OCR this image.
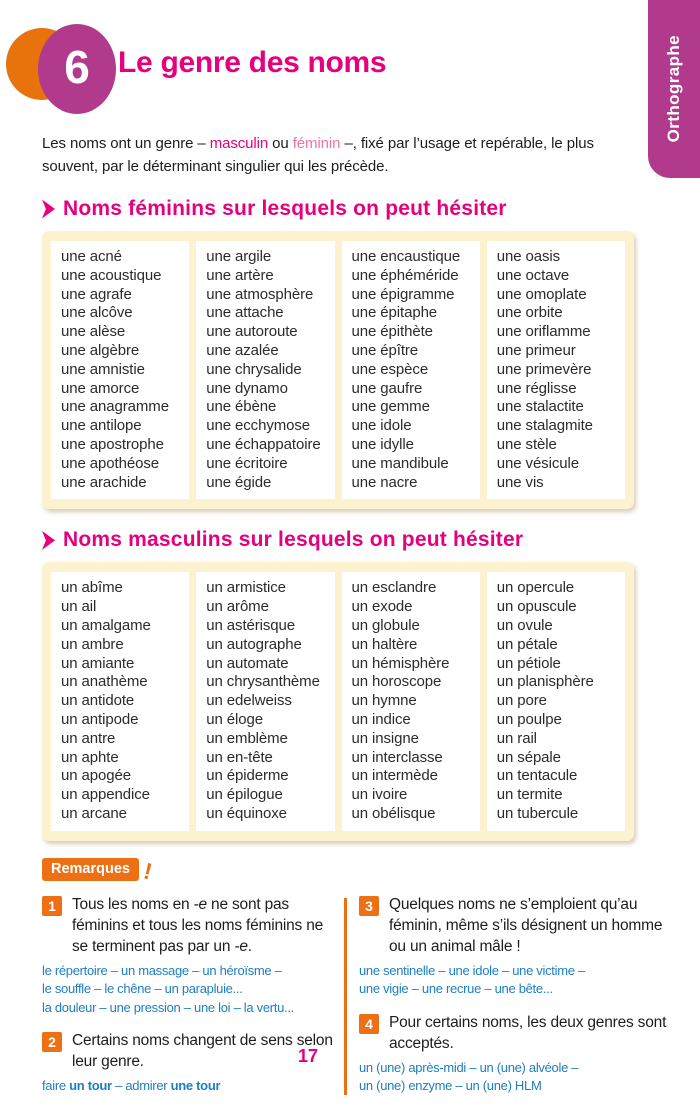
Orthographe
6 Le genre des noms

Les noms ont un genre – masculin ou féminin –, fixé par l’usage et repérable, le plus
souvent, par le déterminant singulier qui les précède.

Noms féminins sur lesquels on peut hésiter
une acné
une acoustique
une agrafe
une alcôve
une alèse
une algèbre
une amnistie
une amorce
une anagramme
une antilope
une apostrophe
une apothéose
une arachide
une argile
une artère
une atmosphère
une attache
une autoroute
une azalée
une chrysalide
une dynamo
une ébène
une ecchymose
une échappatoire
une écritoire
une égide
une encaustique
une éphéméride
une épigramme
une épitaphe
une épithète
une épître
une espèce
une gaufre
une gemme
une idole
une idylle
une mandibule
une nacre
une oasis
une octave
une omoplate
une orbite
une oriflamme
une primeur
une primevère
une réglisse
une stalactite
une stalagmite
une stèle
une vésicule
une vis
Noms masculins sur lesquels on peut hésiter
un abîme
un ail
un amalgame
un ambre
un amiante
un anathème
un antidote
un antipode
un antre
un aphte
un apogée
un appendice
un arcane
un armistice
un arôme
un astérisque
un autographe
un automate
un chrysanthème
un edelweiss
un éloge
un emblème
un en-tête
un épiderme
un épilogue
un équinoxe
un esclandre
un exode
un globule
un haltère
un hémisphère
un horoscope
un hymne
un indice
un insigne
un interclasse
un intermède
un ivoire
un obélisque
un opercule
un opuscule
un ovule
un pétale
un pétiole
un planisphère
un pore
un poulpe
un rail
un sépale
un tentacule
un termite
un tubercule
Remarques !
1	Tous les noms en -e ne sont pas féminins et tous les noms féminins ne se terminent pas par un -e.
le répertoire – un massage – un héroïsme –
le souffle – le chêne – un parapluie...
la douleur – une pression – une loi – la vertu...
2	Certains noms changent de sens selon leur genre.
faire un tour – admirer une tour
3	Quelques noms ne s’emploient qu’au féminin, même s’ils désignent un homme ou un animal mâle !
une sentinelle – une idole – une victime –
une vigie – une recrue – une bête...
4	Pour certains noms, les deux genres sont acceptés.
un (une) après-midi – un (une) alvéole –
un (une) enzyme – un (une) HLM
17
